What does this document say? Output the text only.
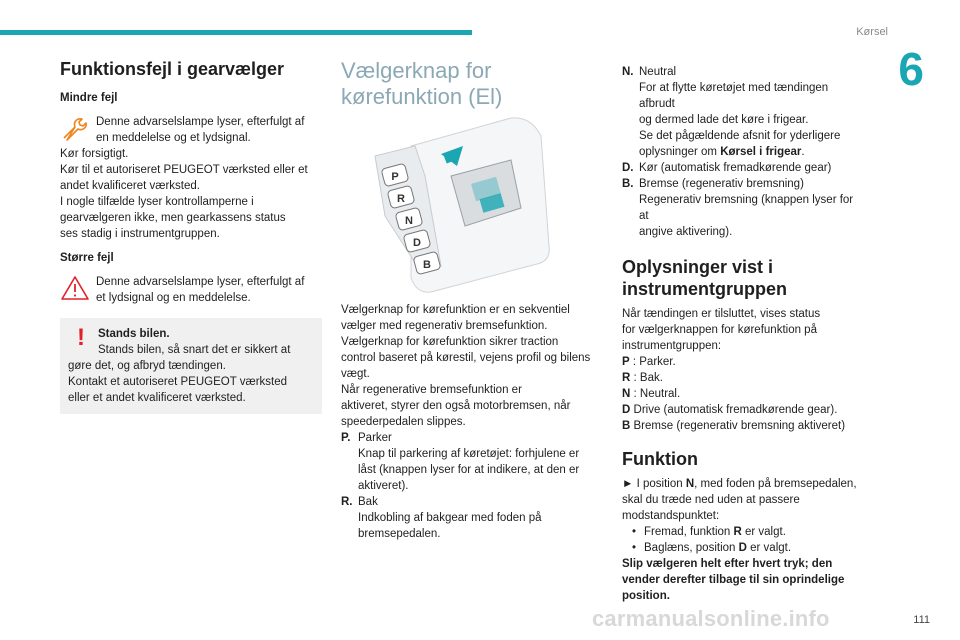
Kørsel
6
Funktionsfejl i gearvælger
Mindre fejl

Denne advarselslampe lyser, efterfulgt af

en meddelelse og et lydsignal.

Kør forsigtigt.

Kør til et autoriseret PEUGEOT værksted eller et

andet kvalificeret værksted.

I nogle tilfælde lyser kontrollamperne i

gearvælgeren ikke, men gearkassens status

ses stadig i instrumentgruppen.

Større fejl

Denne advarselslampe lyser, efterfulgt af

et lydsignal og en meddelelse.

!	Stands bilen.

Stands bilen, så snart det er sikkert at

gøre det, og afbryd tændingen.

Kontakt et autoriseret PEUGEOT værksted

eller et andet kvalificeret værksted.

Vælgerknap for
kørefunktion (El)
P
R
N
D
B

Vælgerknap for kørefunktion er en sekventiel

vælger med regenerativ bremsefunktion.

Vælgerknap for kørefunktion sikrer traction

control baseret på kørestil, vejens profil og bilens

vægt.

Når regenerative bremsefunktion er

aktiveret, styrer den også motorbremsen, når

speederpedalen slippes.

P. Parker

Knap til parkering af køretøjet: forhjulene er

låst (knappen lyser for at indikere, at den er

aktiveret).

R. Bak

Indkobling af bakgear med foden på

bremsepedalen.

N. Neutral

For at flytte køretøjet med tændingen afbrudt

og dermed lade det køre i frigear.

Se det pågældende afsnit for yderligere

oplysninger om Kørsel i frigear.

D. Kør (automatisk fremadkørende gear)

B. Bremse (regenerativ bremsning)

Regenerativ bremsning (knappen lyser for at

angive aktivering).

Oplysninger vist i
instrumentgruppen

Når tændingen er tilsluttet, vises status

for vælgerknappen for kørefunktion på

instrumentgruppen:

P : Parker.

R : Bak.

N : Neutral.

D Drive (automatisk fremadkørende gear).

B Bremse (regenerativ bremsning aktiveret)

Funktion

► I position N, med foden på bremsepedalen,

skal du træde ned uden at passere

modstandspunktet:

• Fremad, funktion R er valgt.
• Baglæns, position D er valgt.

Slip vælgeren helt efter hvert tryk; den

vender derefter tilbage til sin oprindelige

position.

carmanualsonline.info	111
